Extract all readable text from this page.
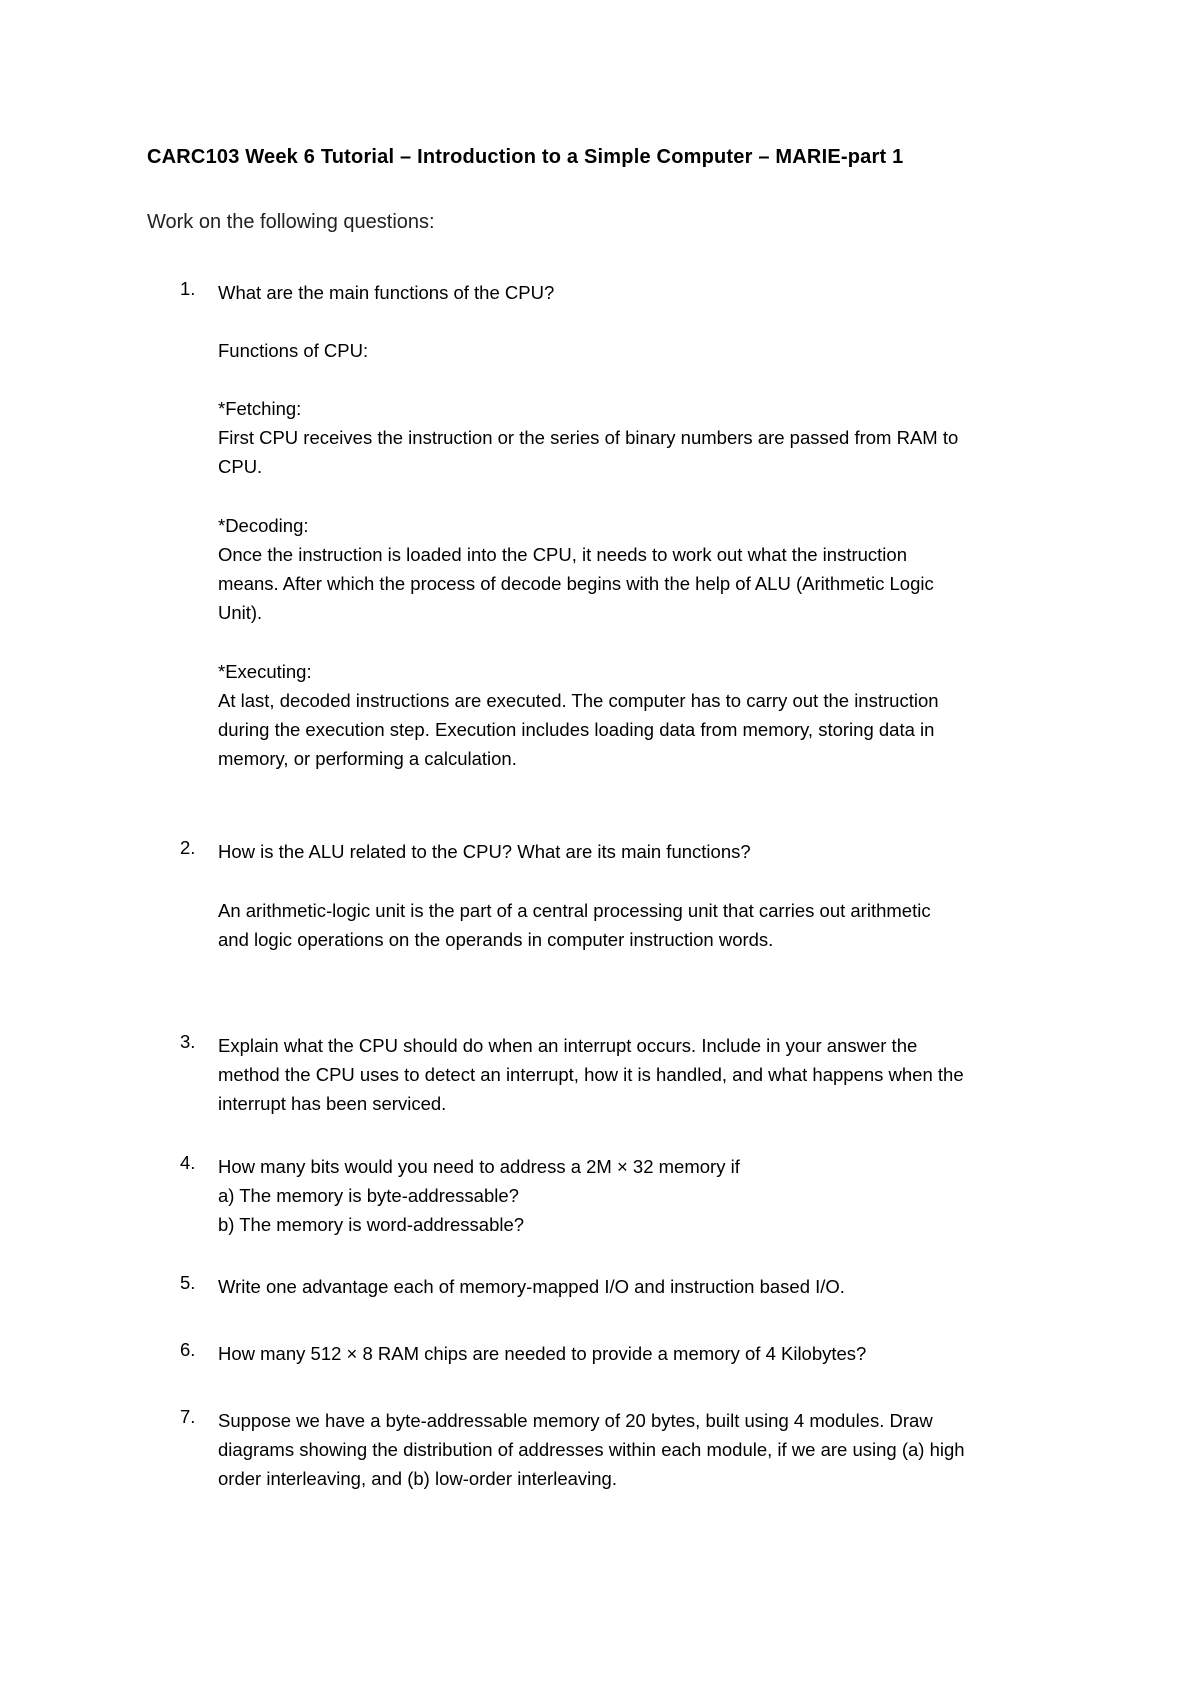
CARC103 Week 6 Tutorial – Introduction to a Simple Computer – MARIE-part 1
Work on the following questions:
1.	What are the main functions of the CPU?
Functions of CPU:
*Fetching:
First CPU receives the instruction or the series of binary numbers are passed from RAM to
CPU.
*Decoding:
Once the instruction is loaded into the CPU, it needs to work out what the instruction
means. After which the process of decode begins with the help of ALU (Arithmetic Logic
Unit).
*Executing:
At last, decoded instructions are executed. The computer has to carry out the instruction
during the execution step. Execution includes loading data from memory, storing data in
memory, or performing a calculation.
2.	How is the ALU related to the CPU? What are its main functions?
An arithmetic-logic unit is the part of a central processing unit that carries out arithmetic
and logic operations on the operands in computer instruction words.
3.	Explain what the CPU should do when an interrupt occurs. Include in your answer the
method the CPU uses to detect an interrupt, how it is handled, and what happens when the
interrupt has been serviced.
4.	How many bits would you need to address a 2M × 32 memory if
a) The memory is byte-addressable?
b) The memory is word-addressable?
5.	Write one advantage each of memory-mapped I/O and instruction based I/O.
6.	How many 512 × 8 RAM chips are needed to provide a memory of 4 Kilobytes?
7.	Suppose we have a byte-addressable memory of 20 bytes, built using 4 modules. Draw
diagrams showing the distribution of addresses within each module, if we are using (a) high
order interleaving, and (b) low-order interleaving.
